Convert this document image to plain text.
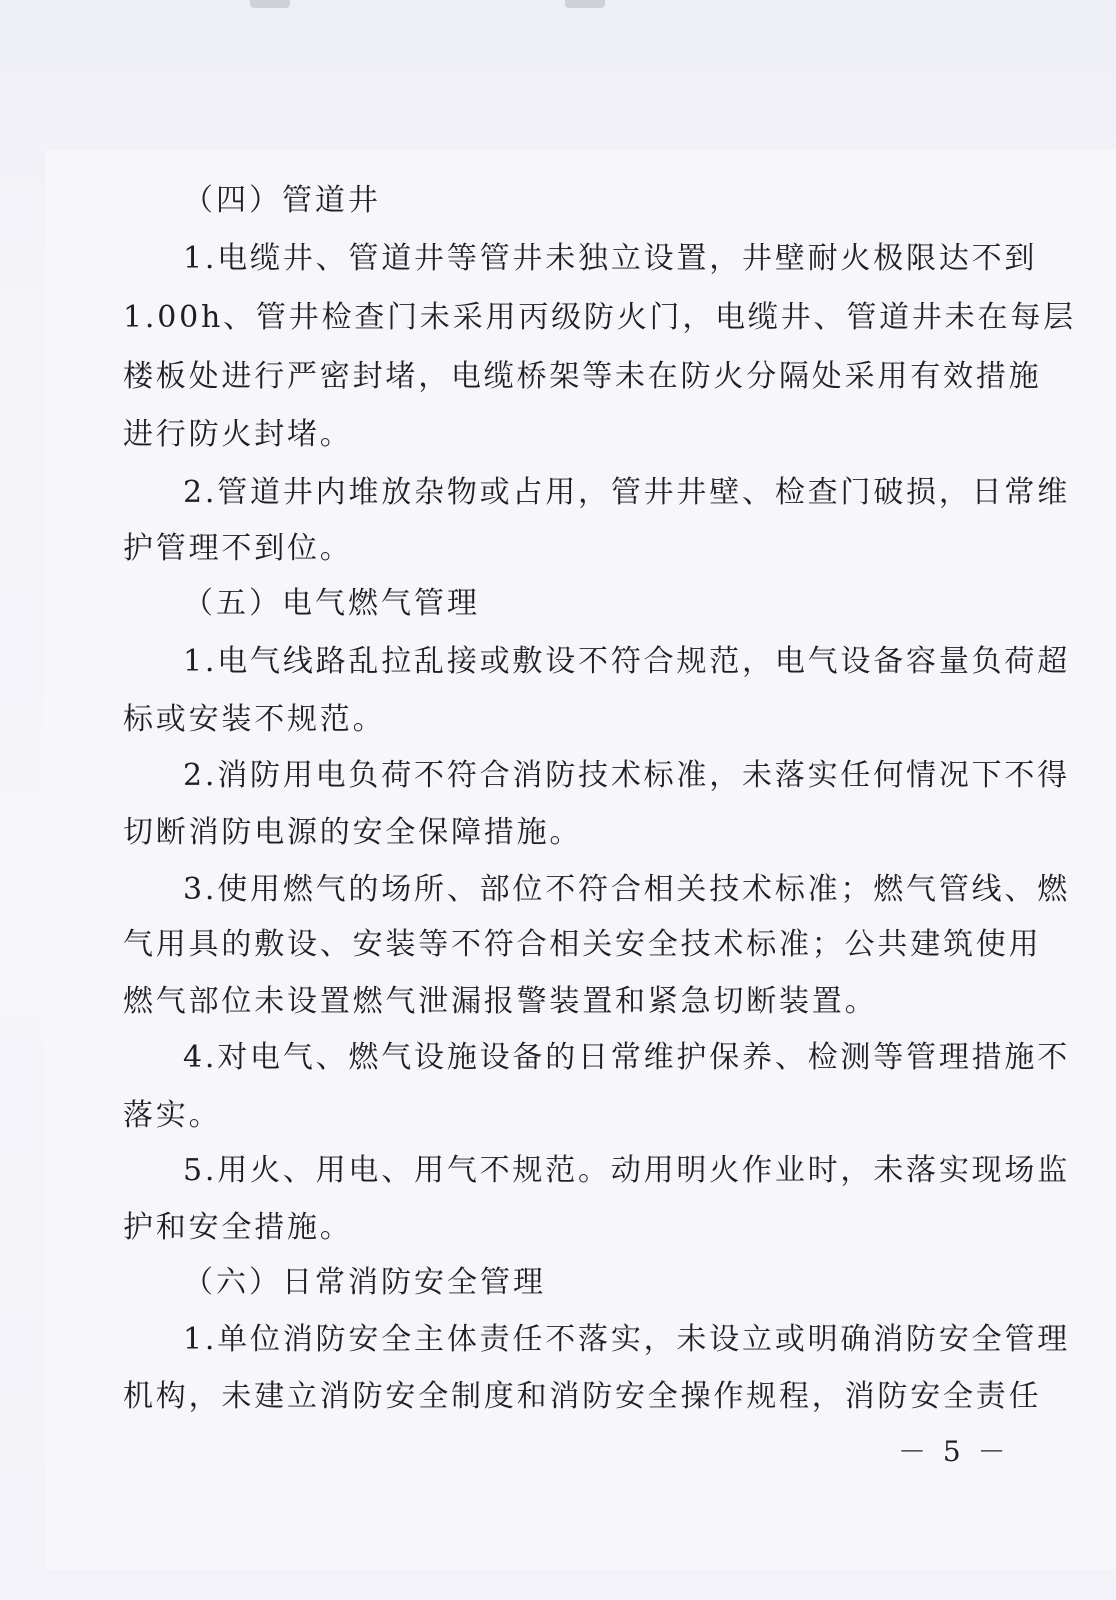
（四）管道井
1.电缆井、管道井等管井未独立设置，井壁耐火极限达不到
1.00h、管井检查门未采用丙级防火门，电缆井、管道井未在每层
楼板处进行严密封堵，电缆桥架等未在防火分隔处采用有效措施
进行防火封堵。
2.管道井内堆放杂物或占用，管井井壁、检查门破损，日常维
护管理不到位。
（五）电气燃气管理
1.电气线路乱拉乱接或敷设不符合规范，电气设备容量负荷超
标或安装不规范。
2.消防用电负荷不符合消防技术标准，未落实任何情况下不得
切断消防电源的安全保障措施。
3.使用燃气的场所、部位不符合相关技术标准；燃气管线、燃
气用具的敷设、安装等不符合相关安全技术标准；公共建筑使用
燃气部位未设置燃气泄漏报警装置和紧急切断装置。
4.对电气、燃气设施设备的日常维护保养、检测等管理措施不
落实。
5.用火、用电、用气不规范。动用明火作业时，未落实现场监
护和安全措施。
（六）日常消防安全管理
1.单位消防安全主体责任不落实，未设立或明确消防安全管理
机构，未建立消防安全制度和消防安全操作规程，消防安全责任
－ 5 －
